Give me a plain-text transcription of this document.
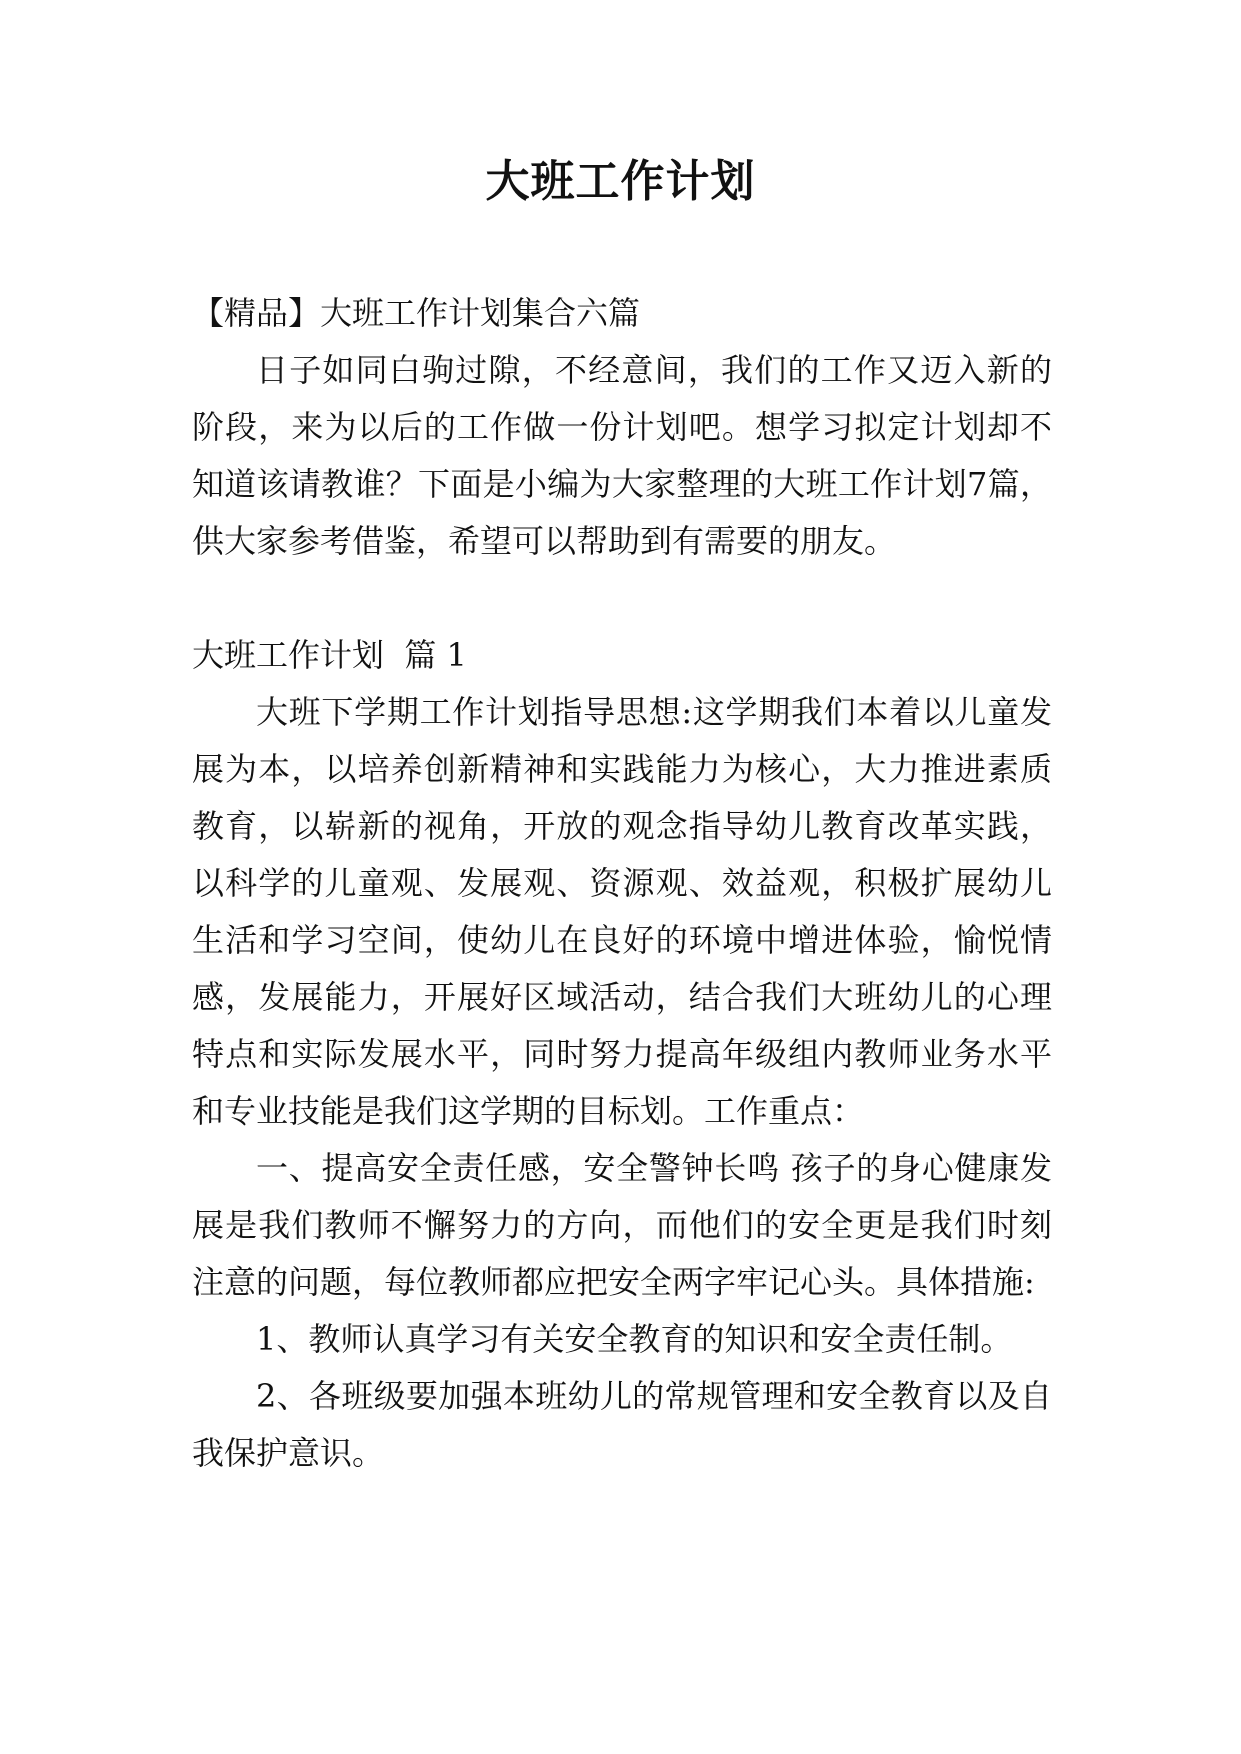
大班工作计划

【精品】大班工作计划集合六篇

日子如同白驹过隙，不经意间，我们的工作又迈入新的阶段，来为以后的工作做一份计划吧。想学习拟定计划却不知道该请教谁？下面是小编为大家整理的大班工作计划7篇，供大家参考借鉴，希望可以帮助到有需要的朋友。

大班工作计划  篇 1

大班下学期工作计划指导思想:这学期我们本着以儿童发展为本，以培养创新精神和实践能力为核心，大力推进素质教育，以崭新的视角，开放的观念指导幼儿教育改革实践，以科学的儿童观、发展观、资源观、效益观，积极扩展幼儿生活和学习空间，使幼儿在良好的环境中增进体验，愉悦情感，发展能力，开展好区域活动，结合我们大班幼儿的心理特点和实际发展水平，同时努力提高年级组内教师业务水平和专业技能是我们这学期的目标划。工作重点：

一、提高安全责任感，安全警钟长鸣 孩子的身心健康发展是我们教师不懈努力的方向，而他们的安全更是我们时刻注意的问题，每位教师都应把安全两字牢记心头。具体措施:

1、教师认真学习有关安全教育的知识和安全责任制。

2、各班级要加强本班幼儿的常规管理和安全教育以及自我保护意识。
